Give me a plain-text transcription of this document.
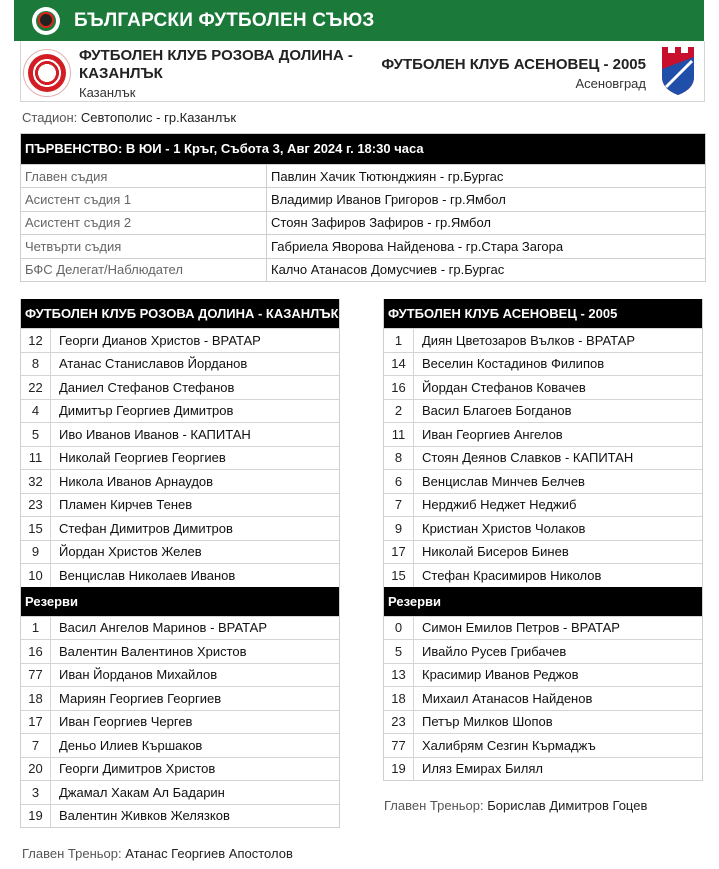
БЪЛГАРСКИ ФУТБОЛЕН СЪЮЗ
ФУТБОЛЕН КЛУБ РОЗОВА ДОЛИНА - КАЗАНЛЪК
Казанлък
ФУТБОЛЕН КЛУБ АСЕНОВЕЦ - 2005
Асеновград
Стадион: Севтополис - гр.Казанлък
ПЪРВЕНСТВО: В ЮИ - 1 Кръг, Събота 3, Авг 2024 г. 18:30 часа
Главен съдия	Павлин Хачик Тютюнджиян - гр.Бургас
Асистент съдия 1	Владимир Иванов Григоров - гр.Ямбол
Асистент съдия 2	Стоян Зафиров Зафиров - гр.Ямбол
Четвърти съдия	Габриела Яворова Найденова - гр.Стара Загора
БФС Делегат/Наблюдател	Калчо Атанасов Домусчиев - гр.Бургас
ФУТБОЛЕН КЛУБ РОЗОВА ДОЛИНА - КАЗАНЛЪК
12	Георги Дианов Христов - ВРАТАР
8	Атанас Станиславов Йорданов
22	Даниел Стефанов Стефанов
4	Димитър Георгиев Димитров
5	Иво Иванов Иванов - КАПИТАН
11	Николай Георгиев Георгиев
32	Никола Иванов Арнаудов
23	Пламен Кирчев Тенев
15	Стефан Димитров Димитров
9	Йордан Христов Желев
10	Венцислав Николаев Иванов
Резерви
1	Васил Ангелов Маринов - ВРАТАР
16	Валентин Валентинов Христов
77	Иван Йорданов Михайлов
18	Мариян Георгиев Георгиев
17	Иван Георгиев Чергев
7	Деньо Илиев Кършаков
20	Георги Димитров Христов
3	Джамал Хакам Ал Бадарин
19	Валентин Живков Желязков
Главен Треньор: Атанас Георгиев Апостолов
ФУТБОЛЕН КЛУБ АСЕНОВЕЦ - 2005
1	Диян Цветозаров Вълков - ВРАТАР
14	Веселин Костадинов Филипов
16	Йордан Стефанов Ковачев
2	Васил Благоев Богданов
11	Иван Георгиев Ангелов
8	Стоян Деянов Славков - КАПИТАН
6	Венцислав Минчев Белчев
7	Нерджиб Неджет Неджиб
9	Кристиан Христов Чолаков
17	Николай Бисеров Бинев
15	Стефан Красимиров Николов
Резерви
0	Симон Емилов Петров - ВРАТАР
5	Ивайло Русев Грибачев
13	Красимир Иванов Реджов
18	Михаил Атанасов Найденов
23	Петър Милков Шопов
77	Халибрям Сезгин Кърмаджъ
19	Иляз Емирах Билял
Главен Треньор: Борислав Димитров Гоцев
